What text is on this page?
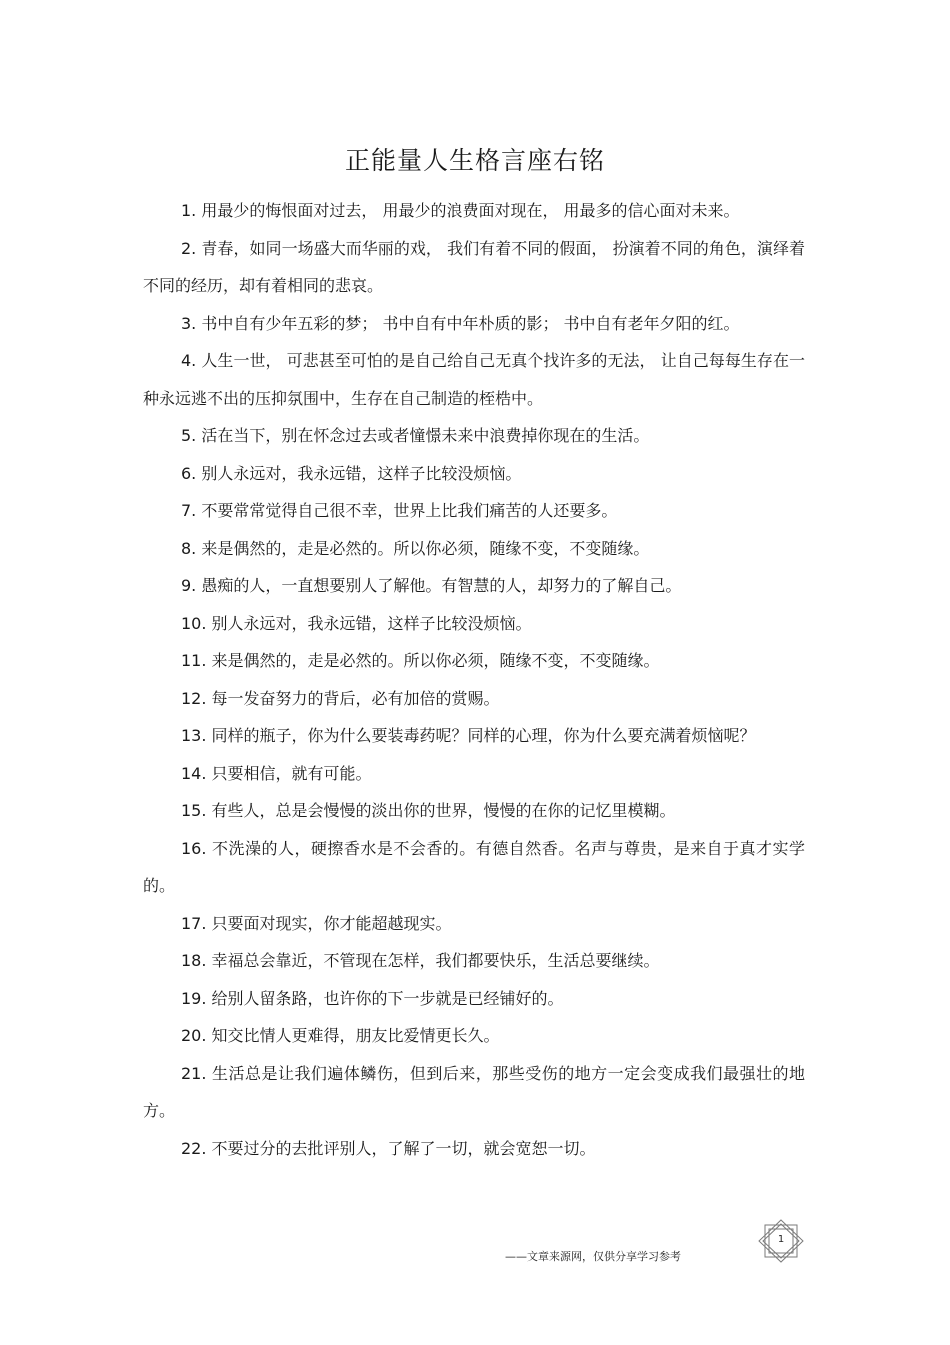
正能量人生格言座右铭
1. 用最少的悔恨面对过去， 用最少的浪费面对现在， 用最多的信心面对未来。
2. 青春，如同一场盛大而华丽的戏， 我们有着不同的假面， 扮演着不同的角色，演绎着不同的经历，却有着相同的悲哀。
3. 书中自有少年五彩的梦； 书中自有中年朴质的影； 书中自有老年夕阳的红。
4. 人生一世， 可悲甚至可怕的是自己给自己无真个找许多的无法， 让自己每每生存在一种永远逃不出的压抑氛围中，生存在自己制造的桎梏中。
5. 活在当下，别在怀念过去或者憧憬未来中浪费掉你现在的生活。
6. 别人永远对，我永远错，这样子比较没烦恼。
7. 不要常常觉得自己很不幸，世界上比我们痛苦的人还要多。
8. 来是偶然的，走是必然的。所以你必须，随缘不变，不变随缘。
9. 愚痴的人，一直想要别人了解他。有智慧的人，却努力的了解自己。
10. 别人永远对，我永远错，这样子比较没烦恼。
11. 来是偶然的，走是必然的。所以你必须，随缘不变，不变随缘。
12. 每一发奋努力的背后，必有加倍的赏赐。
13. 同样的瓶子，你为什么要装毒药呢？同样的心理，你为什么要充满着烦恼呢？
14. 只要相信，就有可能。
15. 有些人，总是会慢慢的淡出你的世界，慢慢的在你的记忆里模糊。
16. 不洗澡的人，硬擦香水是不会香的。有德自然香。名声与尊贵，是来自于真才实学的。
17. 只要面对现实，你才能超越现实。
18. 幸福总会靠近，不管现在怎样，我们都要快乐，生活总要继续。
19. 给别人留条路，也许你的下一步就是已经铺好的。
20. 知交比情人更难得，朋友比爱情更长久。
21. 生活总是让我们遍体鳞伤，但到后来，那些受伤的地方一定会变成我们最强壮的地方。
22. 不要过分的去批评别人，了解了一切，就会宽恕一切。
1
——文章来源网，仅供分享学习参考
